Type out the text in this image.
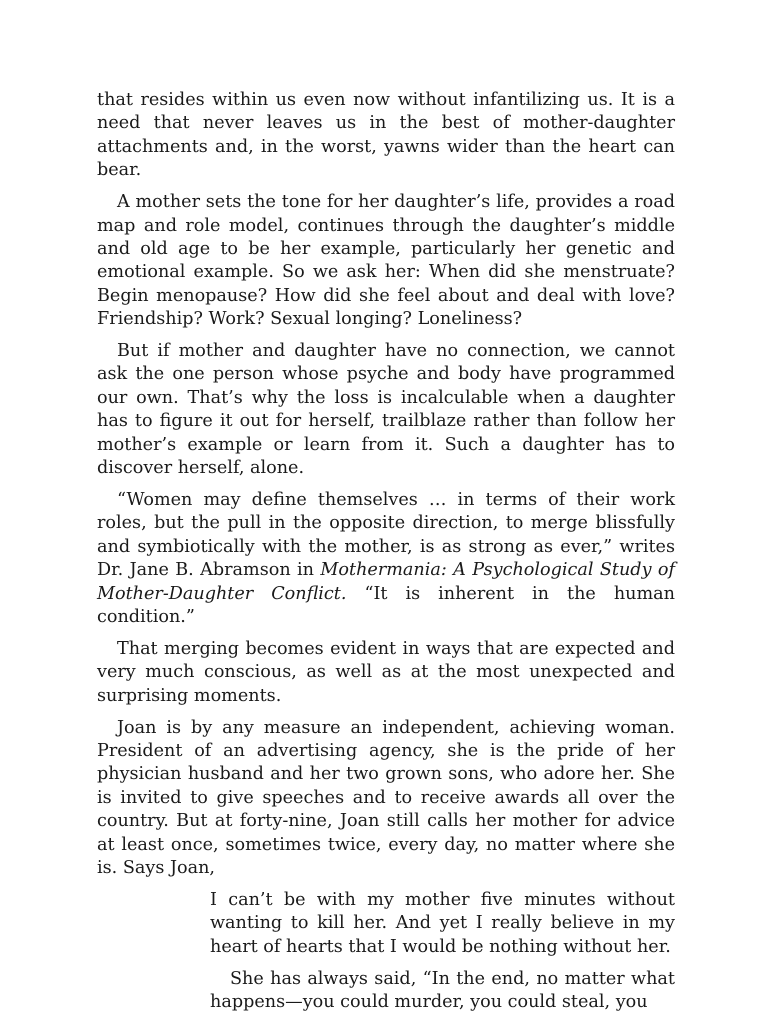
that resides within us even now without infantilizing us. It is a need that never leaves us in the best of mother-daughter attachments and, in the worst, yawns wider than the heart can bear.

A mother sets the tone for her daughter’s life, provides a road map and role model, continues through the daughter’s middle and old age to be her example, particularly her genetic and emotional example. So we ask her: When did she menstruate? Begin menopause? How did she feel about and deal with love? Friendship? Work? Sexual longing? Loneliness?

But if mother and daughter have no connection, we cannot ask the one person whose psyche and body have programmed our own. That’s why the loss is incalculable when a daughter has to figure it out for herself, trailblaze rather than follow her mother’s example or learn from it. Such a daughter has to discover herself, alone.

“Women may define themselves … in terms of their work roles, but the pull in the opposite direction, to merge blissfully and symbiotically with the mother, is as strong as ever,” writes Dr. Jane B. Abramson in Mothermania: A Psychological Study of Mother-Daughter Conflict. “It is inherent in the human condition.”

That merging becomes evident in ways that are expected and very much conscious, as well as at the most unexpected and surprising moments.

Joan is by any measure an independent, achieving woman. President of an advertising agency, she is the pride of her physician husband and her two grown sons, who adore her. She is invited to give speeches and to receive awards all over the country. But at forty-nine, Joan still calls her mother for advice at least once, sometimes twice, every day, no matter where she is. Says Joan,

I can’t be with my mother five minutes without wanting to kill her. And yet I really believe in my heart of hearts that I would be nothing without her.

She has always said, “In the end, no matter what happens—you could murder, you could steal, you
